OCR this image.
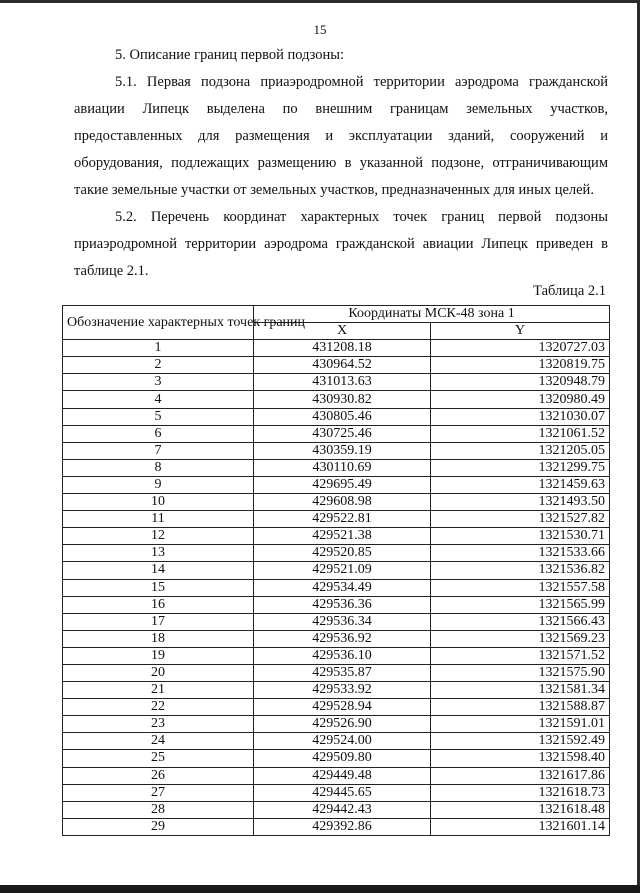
15

5. Описание границ первой подзоны:

5.1. Первая подзона приаэродромной территории аэродрома гражданской авиации Липецк выделена по внешним границам земельных участков, предоставленных для размещения и эксплуатации зданий, сооружений и оборудования, подлежащих размещению в указанной подзоне, отграничивающим такие земельные участки от земельных участков, предназначенных для иных целей.

5.2. Перечень координат характерных точек границ первой подзоны приаэродромной территории аэродрома гражданской авиации Липецк приведен в таблице 2.1.

Таблица 2.1
Обозначение характерных точек границ	Координаты МСК-48 зона 1	
	X	Y
1	431208.18	1320727.03
2	430964.52	1320819.75
3	431013.63	1320948.79
4	430930.82	1320980.49
5	430805.46	1321030.07
6	430725.46	1321061.52
7	430359.19	1321205.05
8	430110.69	1321299.75
9	429695.49	1321459.63
10	429608.98	1321493.50
11	429522.81	1321527.82
12	429521.38	1321530.71
13	429520.85	1321533.66
14	429521.09	1321536.82
15	429534.49	1321557.58
16	429536.36	1321565.99
17	429536.34	1321566.43
18	429536.92	1321569.23
19	429536.10	1321571.52
20	429535.87	1321575.90
21	429533.92	1321581.34
22	429528.94	1321588.87
23	429526.90	1321591.01
24	429524.00	1321592.49
25	429509.80	1321598.40
26	429449.48	1321617.86
27	429445.65	1321618.73
28	429442.43	1321618.48
29	429392.86	1321601.14
